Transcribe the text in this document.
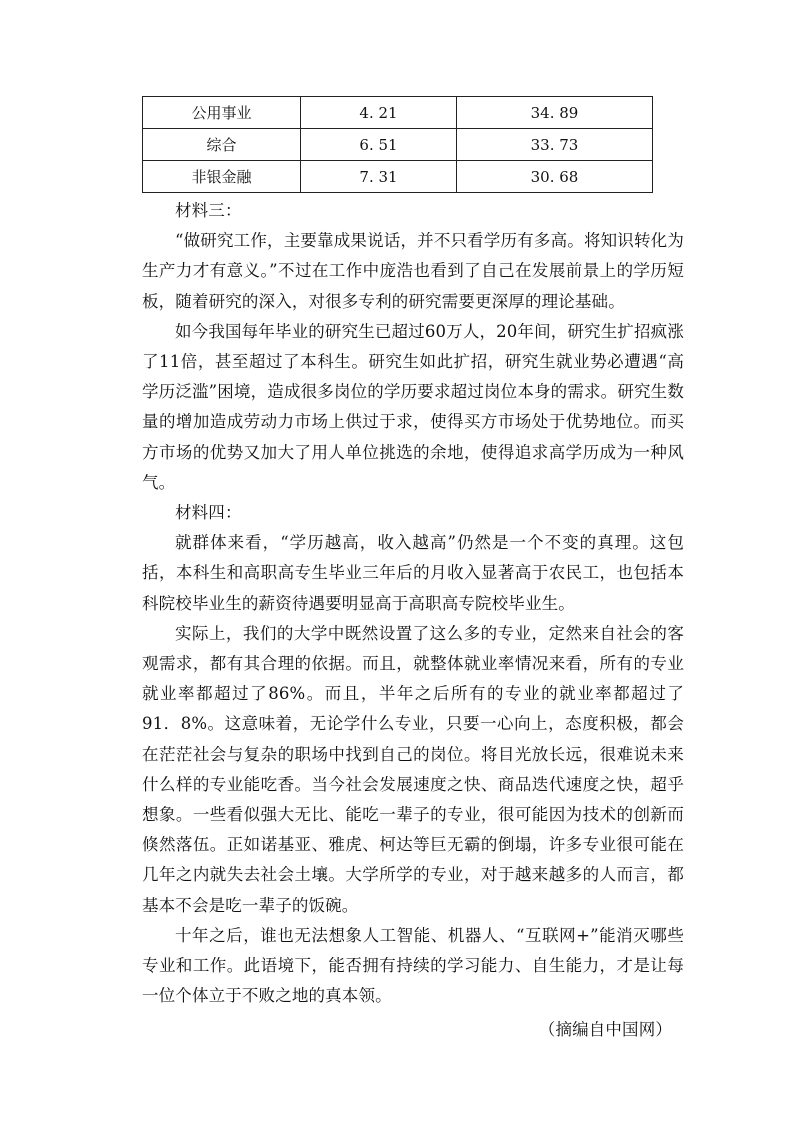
公用事业	4. 21	34. 89
综合	6. 51	33. 73
非银金融	7. 31	30. 68

材料三：

“做研究工作，主要靠成果说话，并不只看学历有多高。将知识转化为生产力才有意义。”不过在工作中庞浩也看到了自己在发展前景上的学历短板，随着研究的深入，对很多专利的研究需要更深厚的理论基础。

如今我国每年毕业的研究生已超过60万人，20年间，研究生扩招疯涨了11倍，甚至超过了本科生。研究生如此扩招，研究生就业势必遭遇“高学历泛滥”困境，造成很多岗位的学历要求超过岗位本身的需求。研究生数量的增加造成劳动力市场上供过于求，使得买方市场处于优势地位。而买方市场的优势又加大了用人单位挑选的余地，使得追求高学历成为一种风气。

材料四：

就群体来看，“学历越高，收入越高”仍然是一个不变的真理。这包括，本科生和高职高专生毕业三年后的月收入显著高于农民工，也包括本科院校毕业生的薪资待遇要明显高于高职高专院校毕业生。

实际上，我们的大学中既然设置了这么多的专业，定然来自社会的客观需求，都有其合理的依据。而且，就整体就业率情况来看，所有的专业就业率都超过了86%。而且，半年之后所有的专业的就业率都超过了 91．8%。这意味着，无论学什么专业，只要一心向上，态度积极，都会在茫茫社会与复杂的职场中找到自己的岗位。将目光放长远，很难说未来什么样的专业能吃香。当今社会发展速度之快、商品迭代速度之快，超乎想象。一些看似强大无比、能吃一辈子的专业，很可能因为技术的创新而倏然落伍。正如诺基亚、雅虎、柯达等巨无霸的倒塌，许多专业很可能在几年之内就失去社会土壤。大学所学的专业，对于越来越多的人而言，都基本不会是吃一辈子的饭碗。

十年之后，谁也无法想象人工智能、机器人、“互联网+”能消灭哪些专业和工作。此语境下，能否拥有持续的学习能力、自生能力，才是让每一位个体立于不败之地的真本领。

（摘编自中国网）
